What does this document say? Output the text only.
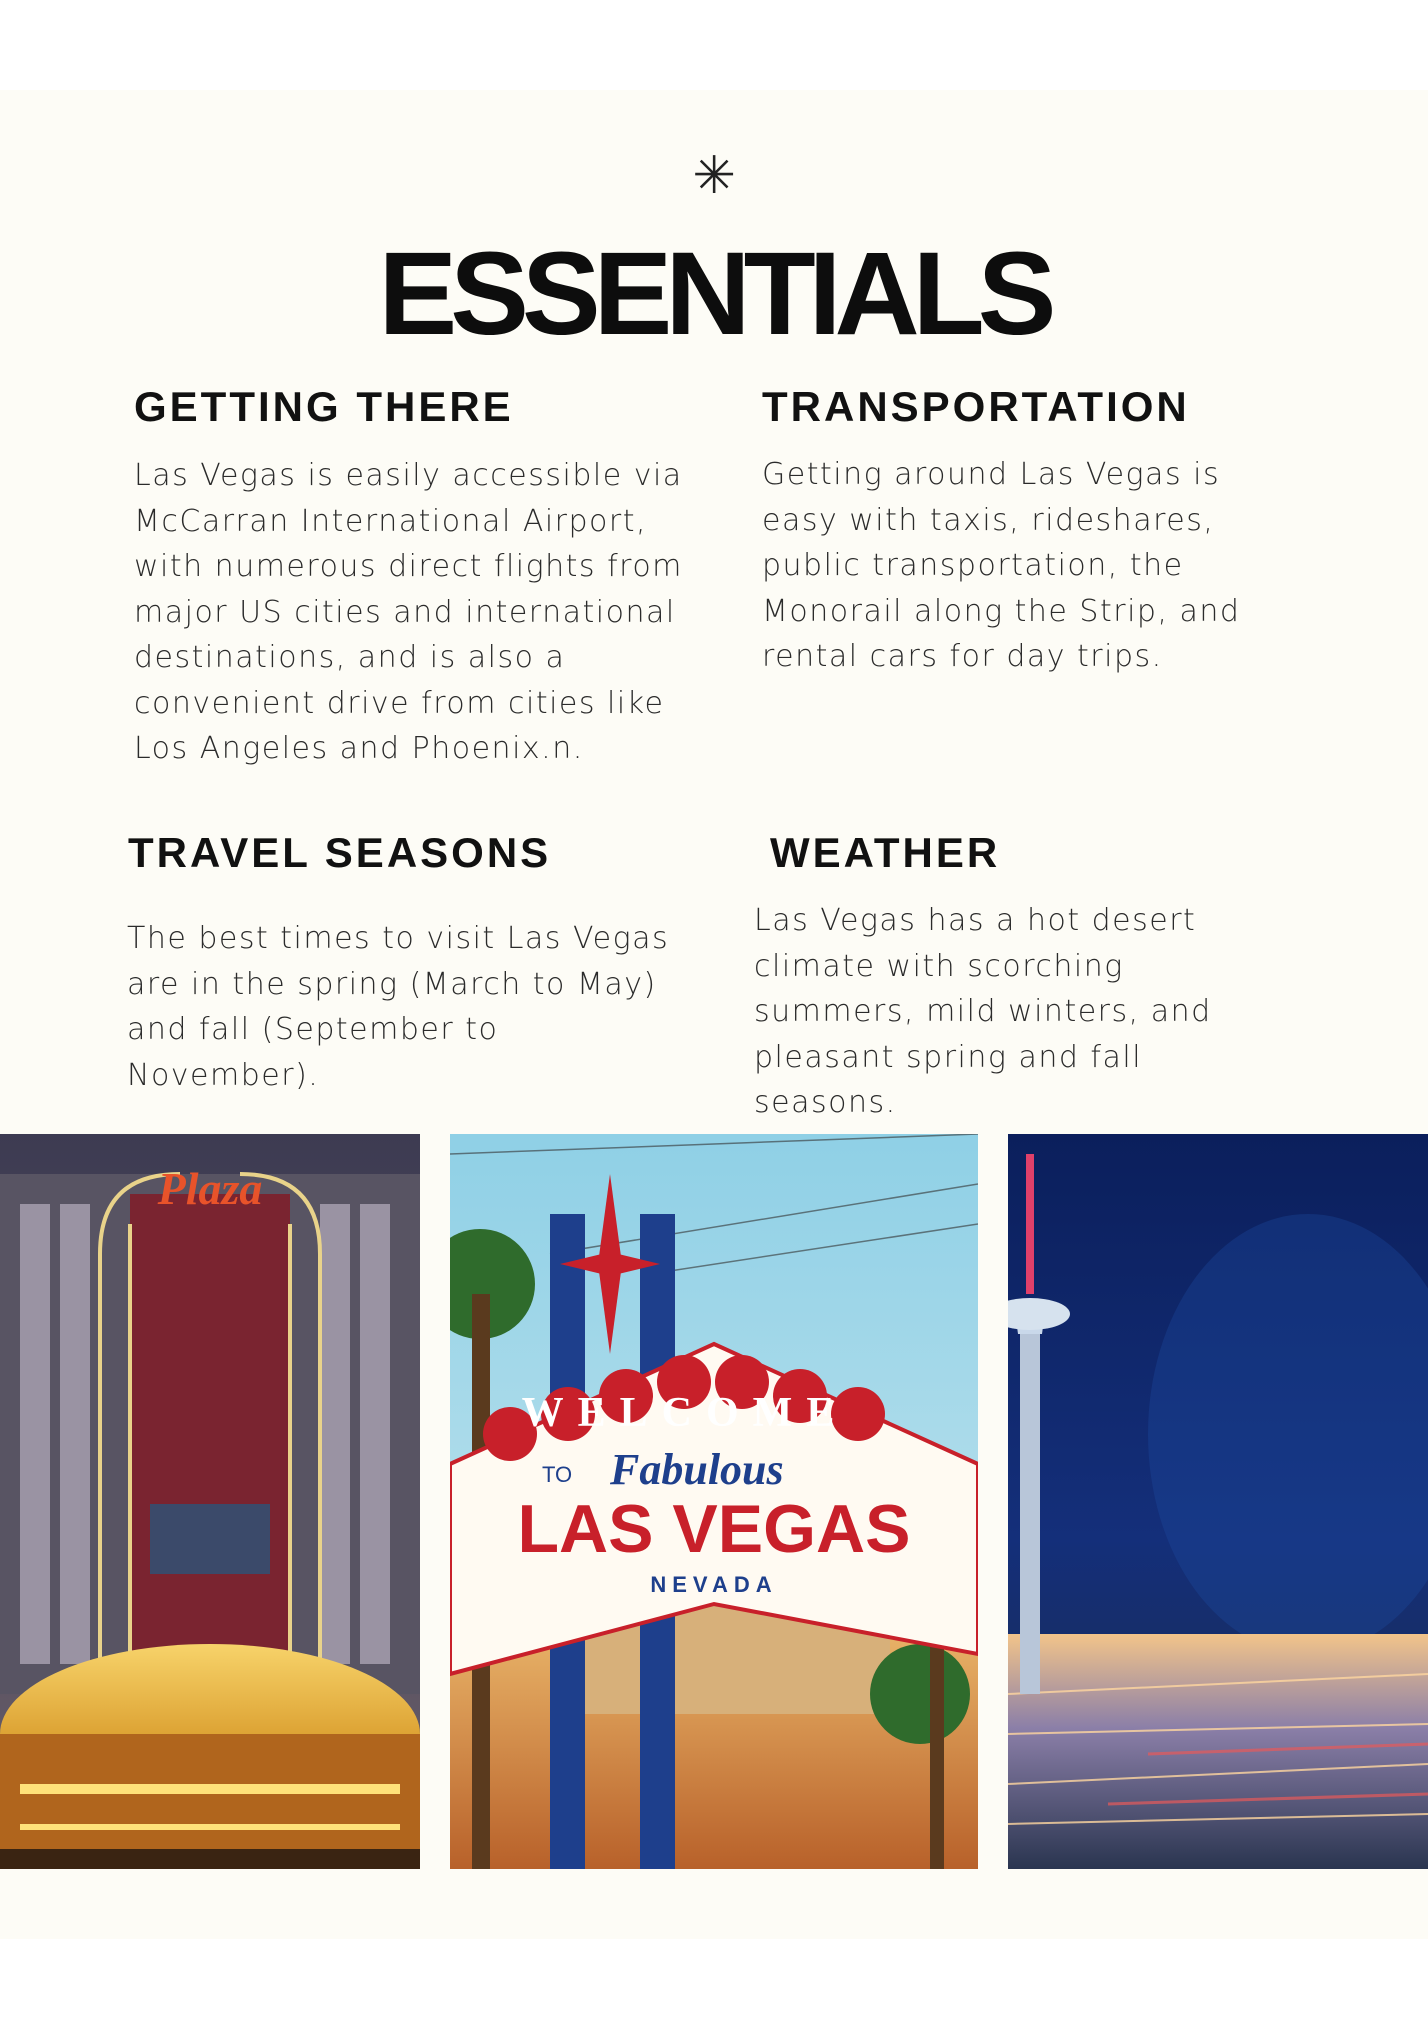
✳
ESSENTIALS
GETTING THERE
Las Vegas is easily accessible via McCarran International Airport, with numerous direct flights from major US cities and international destinations, and is also a convenient drive from cities like Los Angeles and Phoenix.n.
TRANSPORTATION
Getting around Las Vegas is easy with taxis, rideshares, public transportation, the Monorail along the Strip, and rental cars for day trips.
TRAVEL SEASONS
The best times to visit Las Vegas are in the spring (March to May) and fall (September to November).
WEATHER
Las Vegas has a hot desert climate with scorching summers, mild winters, and pleasant spring and fall seasons.
Plaza
WELCOME
TO Fabulous
LAS VEGAS
NEVADA
